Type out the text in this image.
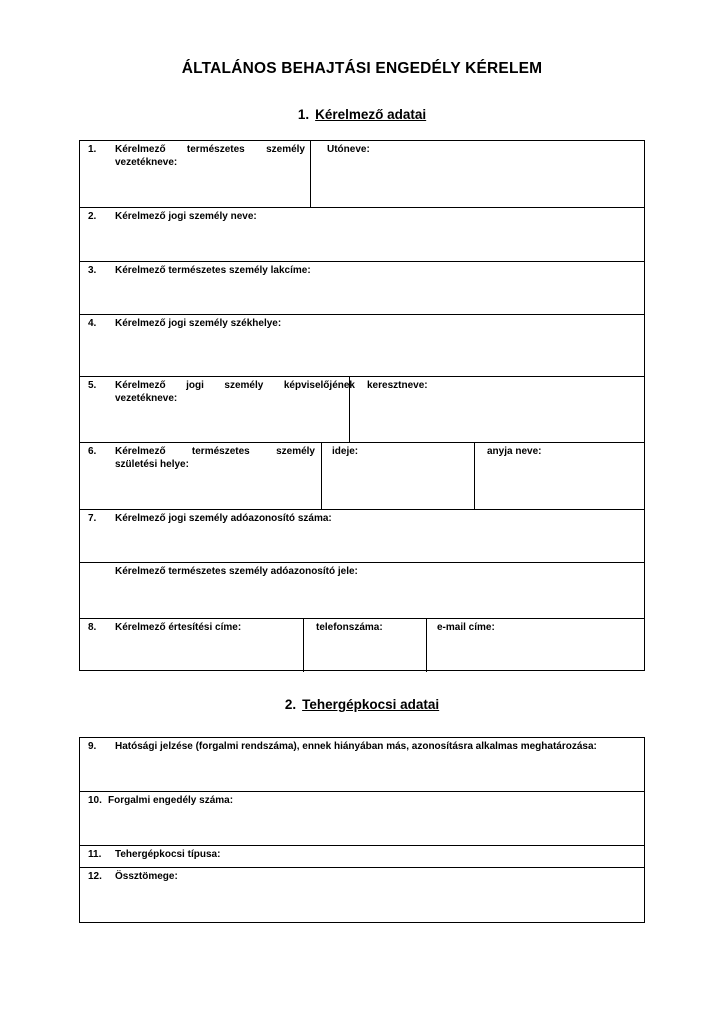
ÁLTALÁNOS BEHAJTÁSI ENGEDÉLY KÉRELEM
1. Kérelmező adatai
1. Kérelmező természetes személy
vezetékneve:
Utóneve:
2. Kérelmező jogi személy neve:
3. Kérelmező természetes személy lakcíme:
4. Kérelmező jogi személy székhelye:
5. Kérelmező jogi személy képviselőjének
vezetékneve:
keresztneve:
6. Kérelmező természetes személy
születési helye:
ideje:	anyja neve:
7. Kérelmező jogi személy adóazonosító száma:
Kérelmező természetes személy adóazonosító jele:
8. Kérelmező értesítési címe:	telefonszáma:	e-mail címe:
2. Tehergépkocsi adatai
9. Hatósági jelzése (forgalmi rendszáma), ennek hiányában más, azonosításra alkalmas meghatározása:
10. Forgalmi engedély száma:
11. Tehergépkocsi típusa:
12. Össztömege:
